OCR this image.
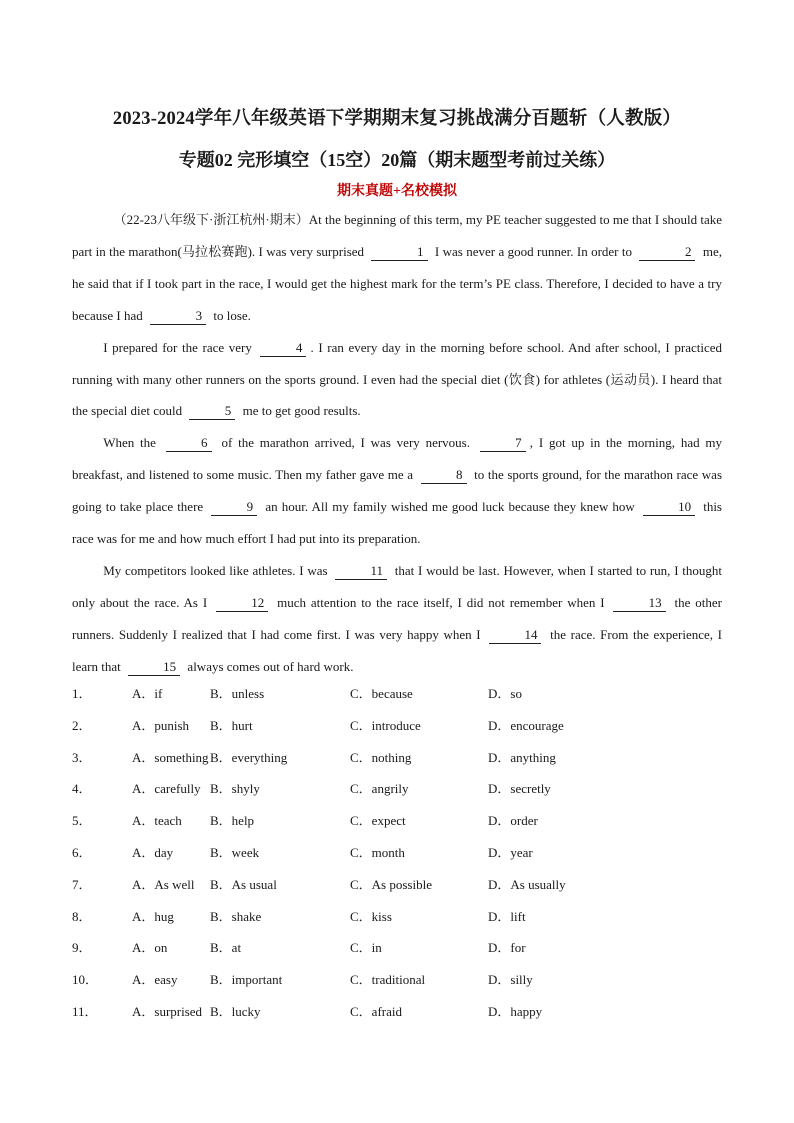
2023-2024学年八年级英语下学期期末复习挑战满分百题斩（人教版）
专题02 完形填空（15空）20篇（期末题型考前过关练）
期末真题+名校模拟

（22-23八年级下·浙江杭州·期末）At the beginning of this term, my PE teacher suggested to me that I should take part in the marathon(马拉松赛跑). I was very surprised	1 I was never a good runner. In order to	2 me, he said that if I took part in the race, I would get the highest mark for the term’s PE class. Therefore, I decided to have a try because I had	3 to lose.

I prepared for the race very	4 . I ran every day in the morning before school. And after school, I practiced running with many other runners on the sports ground. I even had the special diet (饮食) for athletes (运动员). I heard that the special diet could	5 me to get good results.

When the	6 of the marathon arrived, I was very nervous.	7 , I got up in the morning, had my breakfast, and listened to some music. Then my father gave me a	8 to the sports ground, for the marathon race was going to take place there	9 an hour. All my family wished me good luck because they knew how	10 this race was for me and how much effort I had put into its preparation.

My competitors looked like athletes. I was	11 that I would be last. However, when I started to run, I thought only about the race. As I	12 much attention to the race itself, I did not remember when I	13 the other runners. Suddenly I realized that I had come first. I was very happy when I	14 the race. From the experience, I learn that	15 always comes out of hard work.

1．	A．if	B．unless	C．because	D．so
2．	A．punish	B．hurt	C．introduce	D．encourage
3．	A．something B．everything	C．nothing	D．anything
4．	A．carefully B．shyly	C．angrily	D．secretly
5．	A．teach	B．help	C．expect	D．order
6．	A．day	B．week	C．month	D．year
7．	A．As well	B．As usual	C．As possible	D．As usually
8．	A．hug	B．shake	C．kiss	D．lift
9．	A．on	B．at	C．in	D．for
10．	A．easy	B．important	C．traditional	D．silly
11．	A．surprised B．lucky	C．afraid	D．happy
